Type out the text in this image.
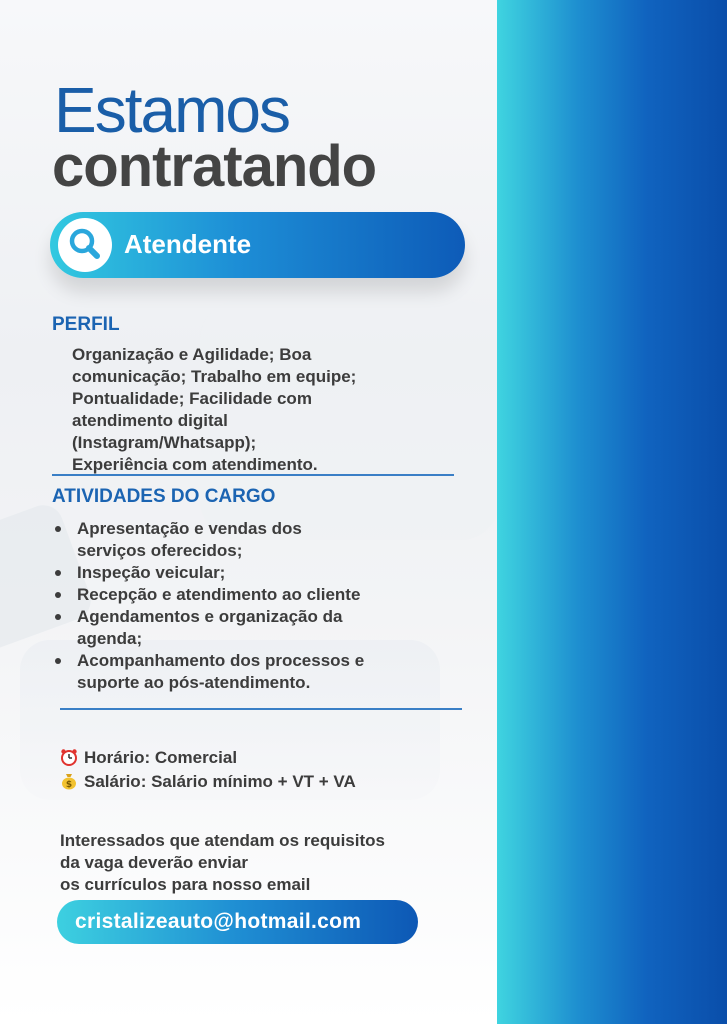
Estamos
contratando
Atendente
PERFIL
Organização e Agilidade; Boa
comunicação; Trabalho em equipe;
Pontualidade; Facilidade com
atendimento digital
(Instagram/Whatsapp);
Experiência com atendimento.
ATIVIDADES DO CARGO
Apresentação e vendas dos
serviços oferecidos;
Inspeção veicular;
Recepção e atendimento ao cliente
Agendamentos e organização da
agenda;
Acompanhamento dos processos e
suporte ao pós-atendimento.
Horário: Comercial
$ Salário: Salário mínimo + VT + VA
Interessados que atendam os requisitos
da vaga deverão enviar
os currículos para nosso email
cristalizeauto@hotmail.com
